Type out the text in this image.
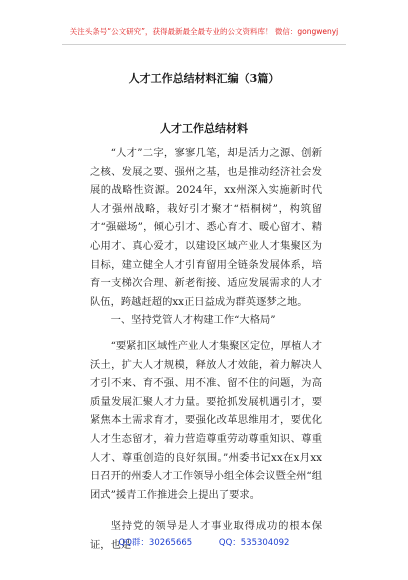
关注头条号“公文研究”，获得最新最全最专业的公文资料库！ 微信：gongwenyj
人才工作总结材料汇编（3篇）
人才工作总结材料

“人才”二字，寥寥几笔，却是活力之源、创新之核、发展之要、强州之基，也是推动经济社会发展的战略性资源。2024年，xx州深入实施新时代人才强州战略，栽好引才聚才“梧桐树”，构筑留才“强磁场”，倾心引才、悉心育才、暖心留才、精心用才、真心爱才，以建设区域产业人才集聚区为目标，建立健全人才引育留用全链条发展体系，培育一支梯次合理、新老衔接、适应发展需求的人才队伍，跨越赶超的xx正日益成为群英逐梦之地。

一、坚持党管人才构建工作“大格局”

“要紧扣区域性产业人才集聚区定位，厚植人才沃土，扩大人才规模，释放人才效能，着力解决人才引不来、育不强、用不准、留不住的问题，为高质量发展汇聚人才力量。要抢抓发展机遇引才，要紧焦本土需求育才，要强化改革思维用才，要优化人才生态留才，着力营造尊重劳动尊重知识、尊重人才、尊重创造的良好氛围。”州委书记xx在x月xx日召开的州委人才工作领导小组全体会议暨全州“组团式”援青工作推进会上提出了要求。

坚持党的领导是人才事业取得成功的根本保证，也是

QQ群：30265665	QQ：535304092
